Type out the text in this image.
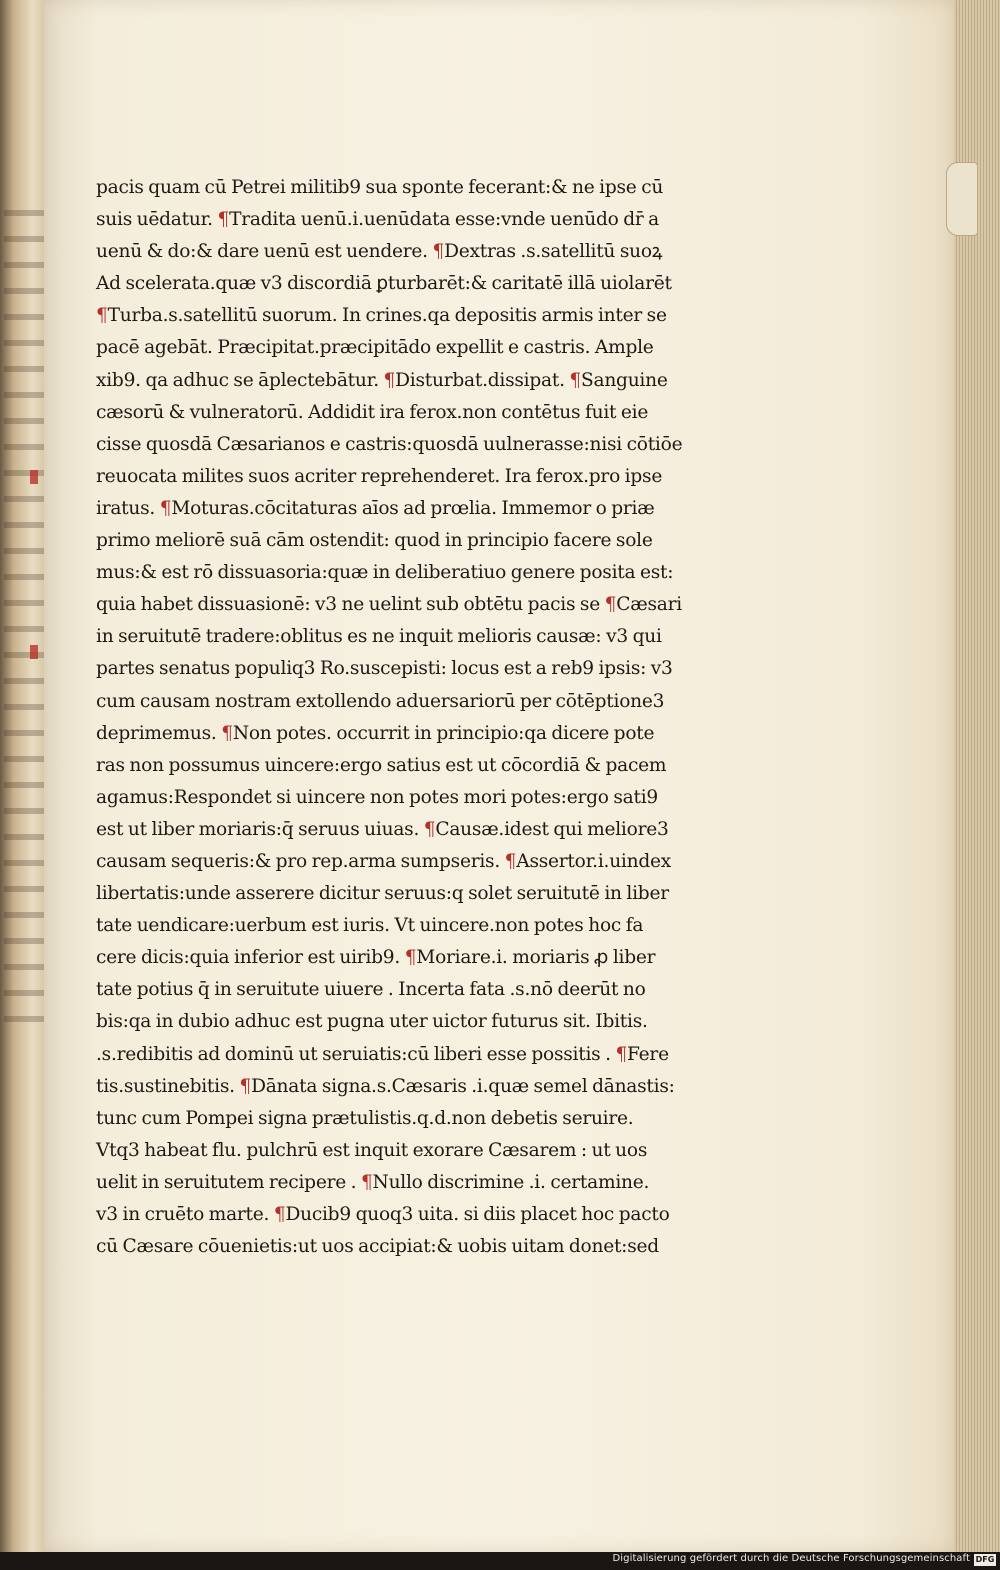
pacis quam cū Petrei militib9 sua sponte fecerant:& ne ipse cū
suis uēdatur. ¶Tradita uenū.i.uenūdata esse:vnde uenūdo dr̄ a
uenū & do:& dare uenū est uendere. ¶Dextras .s.satellitū suoꝝ
Ad scelerata.quæ v3 discordiā ꝑturbarēt:& caritatē illā uiolarēt
¶Turba.s.satellitū suorum. In crines.qa depositis armis inter se
pacē agebāt. Præcipitat.præcipitādo expellit e castris. Ample
xib9. qa adhuc se āplectebātur. ¶Disturbat.dissipat. ¶Sanguine
cæsorū & vulneratorū. Addidit ira ferox.non contētus fuit eie
cisse quosdā Cæsarianos e castris:quosdā uulnerasse:nisi cōtiōe
reuocata milites suos acriter reprehenderet. Ira ferox.pro ipse
iratus. ¶Moturas.cōcitaturas aīos ad prœlia. Immemor o priæ
primo meliorē suā cām ostendit: quod in principio facere sole
mus:& est rō dissuasoria:quæ in deliberatiuo genere posita est:
quia habet dissuasionē: v3 ne uelint sub obtētu pacis se ¶Cæsari
in seruitutē tradere:oblitus es ne inquit melioris causæ: v3 qui
partes senatus populiq3 Ro.suscepisti: locus est a reb9 ipsis: v3
cum causam nostram extollendo aduersariorū per cōtēptione3
deprimemus. ¶Non potes. occurrit in principio:qa dicere pote
ras non possumus uincere:ergo satius est ut cōcordiā & pacem
agamus:Respondet si uincere non potes mori potes:ergo sati9
est ut liber moriaris:q̄ seruus uiuas. ¶Causæ.idest qui meliore3
causam sequeris:& pro rep.arma sumpseris. ¶Assertor.i.uindex
libertatis:unde asserere dicitur seruus:q solet seruitutē in liber
tate uendicare:uerbum est iuris. Vt uincere.non potes hoc fa
cere dicis:quia inferior est uirib9. ¶Moriare.i. moriaris ꝓ liber
tate potius q̄ in seruitute uiuere . Incerta fata .s.nō deerūt no
bis:qa in dubio adhuc est pugna uter uictor futurus sit. Ibitis.
.s.redibitis ad dominū ut seruiatis:cū liberi esse possitis . ¶Fere
tis.sustinebitis. ¶Dānata signa.s.Cæsaris .i.quæ semel dānastis:
tunc cum Pompei signa prætulistis.q.d.non debetis seruire.
Vtq3 habeat flu. pulchrū est inquit exorare Cæsarem : ut uos
uelit in seruitutem recipere . ¶Nullo discrimine .i. certamine.
v3 in cruēto marte. ¶Ducib9 quoq3 uita. si diis placet hoc pacto
cū Cæsare cōuenietis:ut uos accipiat:& uobis uitam donet:sed
Digitalisierung gefördert durch die Deutsche Forschungsgemeinschaft DFG
